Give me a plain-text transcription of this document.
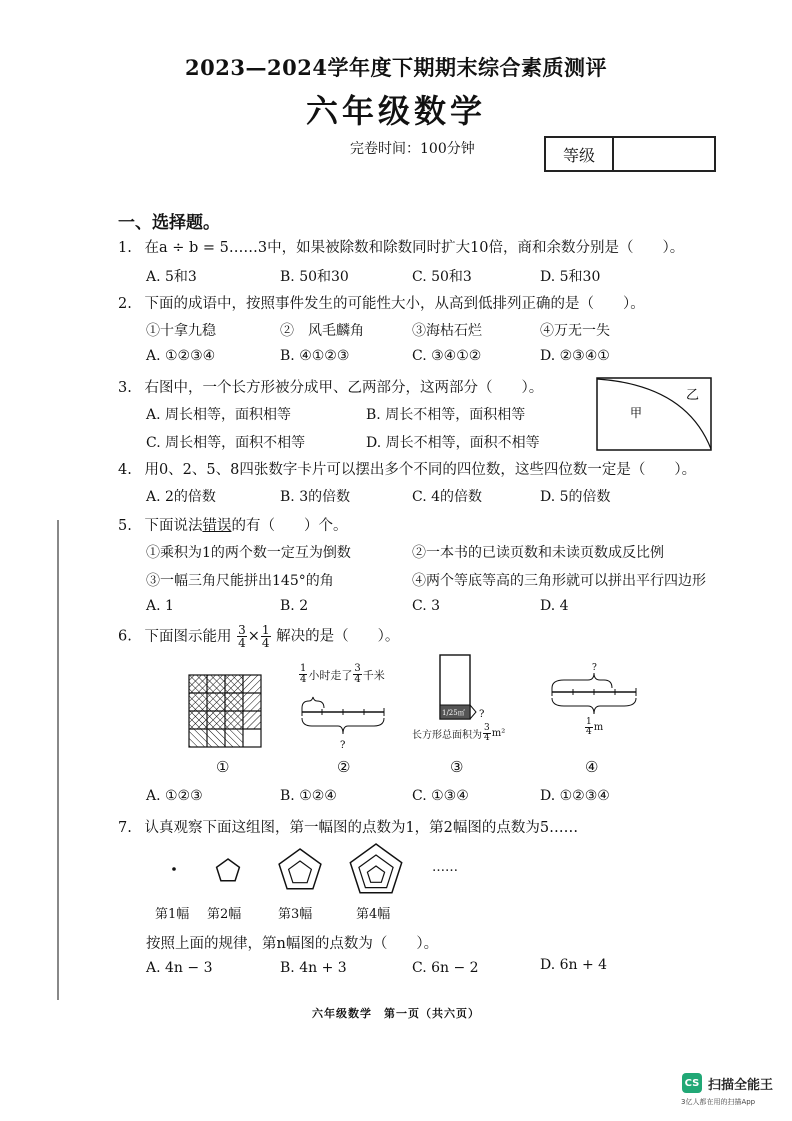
2023—2024学年度下期期末综合素质测评
六年级数学
完卷时间：100分钟	等级
一、选择题。
1. 在a ÷ b = 5……3中，如果被除数和除数同时扩大10倍，商和余数分别是（　　）。
A. 5和3	B. 50和30	C. 50和3	D. 5和30
2. 下面的成语中，按照事件发生的可能性大小，从高到低排列正确的是（　　）。
①十拿九稳	②　风毛麟角	③海枯石烂	④万无一失
A. ①②③④	B. ④①②③	C. ③④①②	D. ②③④①
3. 右图中，一个长方形被分成甲、乙两部分，这两部分（　　）。
A. 周长相等，面积相等	B. 周长不相等，面积相等
C. 周长相等，面积不相等	D. 周长不相等，面积不相等
甲
乙
4. 用0、2、5、8四张数字卡片可以摆出多个不同的四位数，这些四位数一定是（　　）。
A. 2的倍数	B. 3的倍数	C. 4的倍数	D. 5的倍数
5. 下面说法错误的有（　　）个。
①乘积为1的两个数一定互为倒数	②一本书的已读页数和未读页数成反比例
③一幅三角尺能拼出145°的角	④两个等底等高的三角形就可以拼出平行四边形
A. 1	B. 2	C. 3	D. 4
6. 下面图示能用 $\frac{3}{4} \times \frac{1}{4}$ 解决的是（　　）。
$\frac{1}{4}$ 小时走了 $\frac{3}{4}$ 千米
?
1/25㎡ ?
长方形总面积为 $\frac{3}{4} m^2$
?
$\frac{1}{4}$ m
①	②	③	④
A. ①②③	B. ①②④	C. ①③④	D. ①②③④
7. 认真观察下面这组图，第一幅图的点数为1，第2幅图的点数为5……
……
第1幅 第2幅	第3幅	第4幅
按照上面的规律，第n幅图的点数为（　　）。
A. 4n − 3	B. 4n + 3	C. 6n − 2	D. 6n + 4
六年级数学　第一页（共六页）
CS 扫描全能王
3亿人都在用的扫描App
